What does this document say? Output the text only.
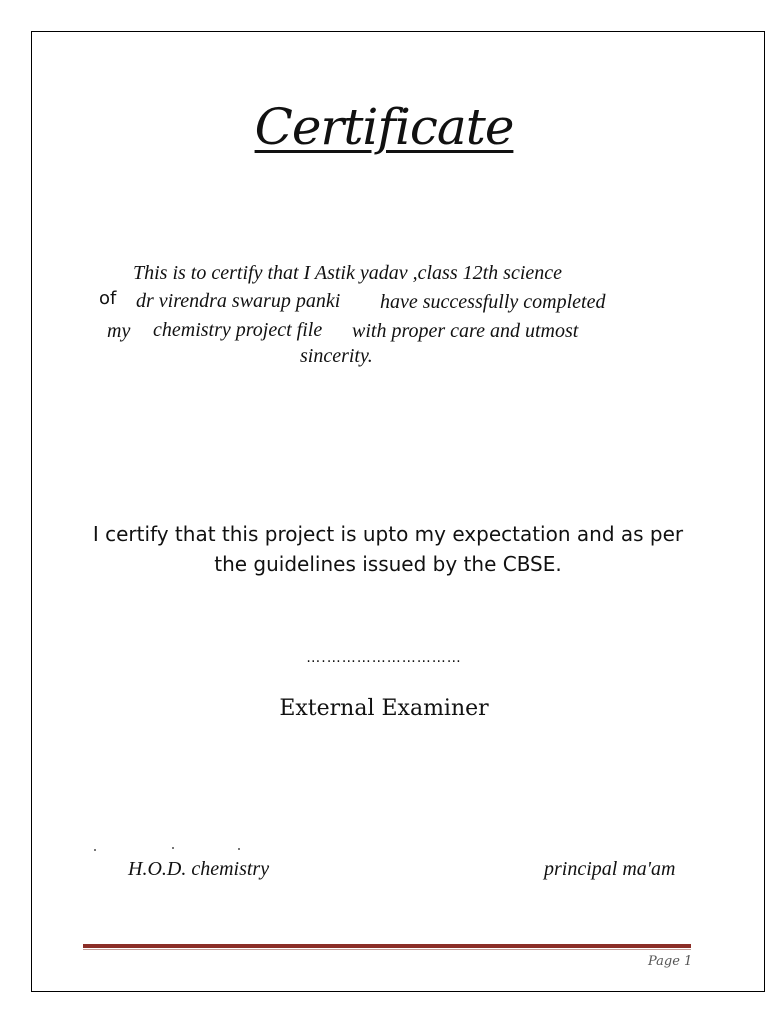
Certificate
This is to certify that I Astik yadav ,class 12th science
of dr virendra swarup panki have successfully completed
my chemistry project file with proper care and utmost
sincerity.
I certify that this project is upto my expectation and as per
the guidelines issued by the CBSE.
….………………………
External Examiner
H.O.D. chemistry	principal ma'am
Page 1
